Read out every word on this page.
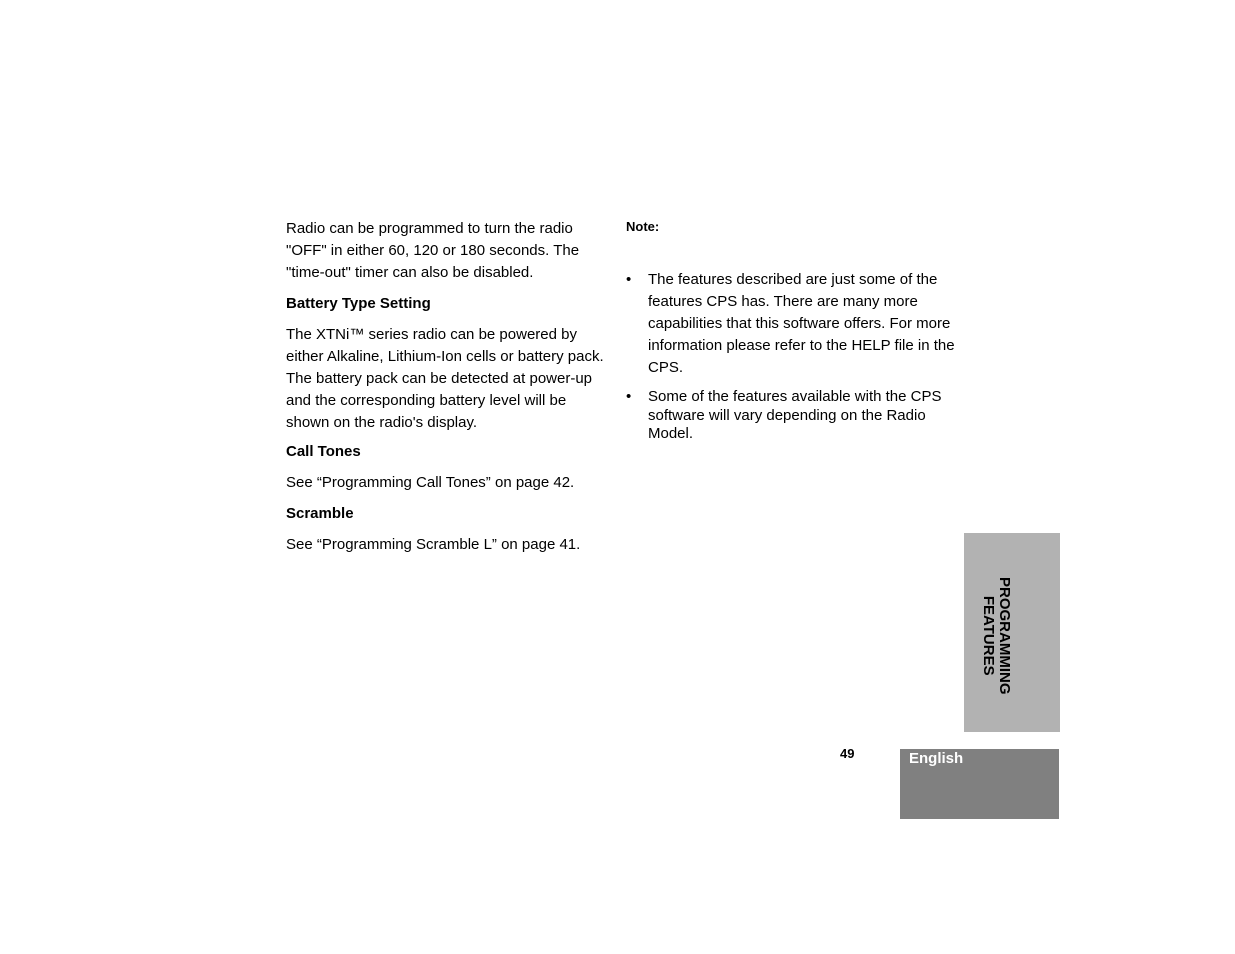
Radio can be programmed to turn the radio "OFF" in either 60, 120 or 180 seconds. The "time-out" timer can also be disabled.

Battery Type Setting

The XTNi™ series radio can be powered by either Alkaline, Lithium-Ion cells or battery pack. The battery pack can be detected at power-up and the corresponding battery level will be shown on the radio's display.

Call Tones

See “Programming Call Tones” on page 42.

Scramble

See “Programming Scramble L” on page 41.

Note:

• The features described are just some of the features CPS has. There are many more capabilities that this software offers. For more information please refer to the HELP file in the CPS.
• Some of the features available with the CPS software will vary depending on the Radio Model.
PROGRAMMING
FEATURES
49	English
